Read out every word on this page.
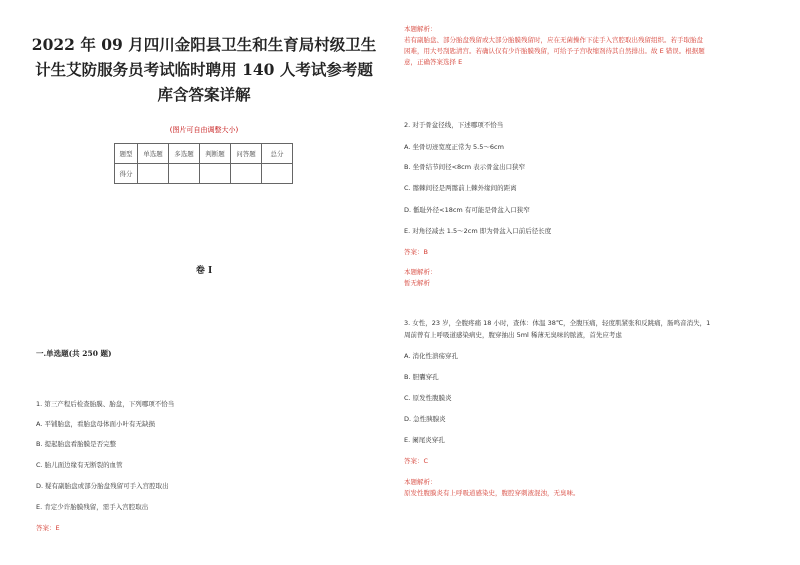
2022 年 09 月四川金阳县卫生和生育局村级卫生
计生艾防服务员考试临时聘用 140 人考试参考题
库含答案详解
(图片可自由调整大小)
题型	单选题	多选题	判断题	问答题	总分
得分					
卷 I
一.单选题(共 250 题)
1. 第三产程后检查胎膜、胎盘，下列哪项不恰当
A. 平铺胎盘，看胎盘母体面小叶有无缺损
B. 提起胎盘看胎膜是否完整
C. 胎儿面边缘有无断裂的血管
D. 疑有副胎盘或部分胎盘残留可手入宫腔取出
E. 肯定少许胎膜残留，需手入宫腔取出
答案：E
本题解析：
若有副胎盘、部分胎盘残留或大部分胎膜残留时，应在无菌操作下徒手入宫腔取出残留组织。若手取胎盘
困难，用大号刮匙清宫。若确认仅有少许胎膜残留，可给予子宫收缩剂待其自然排出。故 E 错误。根据题
意，正确答案选择 E
2. 对于骨盆径线，下述哪项不恰当
A. 坐骨切迹宽度正常为 5.5～6cm
B. 坐骨结节间径<8cm 表示骨盆出口狭窄
C. 髂棘间径是两髂前上棘外缘间的距离
D. 骶耻外径<18cm 有可能是骨盆入口狭窄
E. 对角径减去 1.5～2cm 即为骨盆入口前后径长度
答案：B
本题解析：
暂无解析
3. 女性，23 岁，全腹疼痛 18 小时，查体：体温 38℃，全腹压痛，轻度肌紧张和反跳痛，肠鸣音消失，1
周前曾有上呼吸道感染病史，腹穿抽出 5ml 稀薄无臭味的脓液，首先应考虑
A. 消化性溃疡穿孔
B. 胆囊穿孔
C. 原发性腹膜炎
D. 急性胰腺炎
E. 阑尾炎穿孔
答案：C
本题解析：
原发性腹膜炎有上呼吸道感染史，腹腔穿刺液混浊，无臭味。
